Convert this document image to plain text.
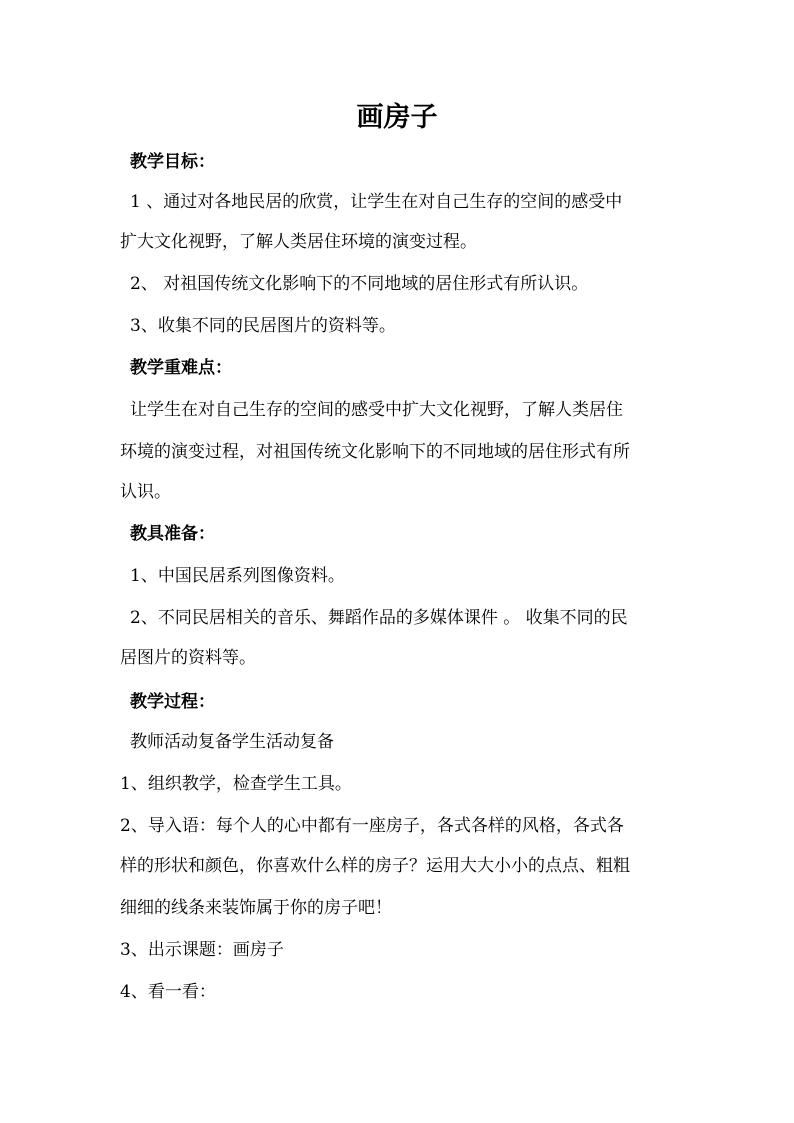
画房子

教学目标：

1 、通过对各地民居的欣赏，让学生在对自己生存的空间的感受中

扩大文化视野，了解人类居住环境的演变过程。

2、 对祖国传统文化影响下的不同地域的居住形式有所认识。

3、收集不同的民居图片的资料等。

教学重难点：

让学生在对自己生存的空间的感受中扩大文化视野，了解人类居住

环境的演变过程，对祖国传统文化影响下的不同地域的居住形式有所

认识。

教具准备：

1、中国民居系列图像资料。

2、不同民居相关的音乐、舞蹈作品的多媒体课件 。 收集不同的民

居图片的资料等。

教学过程：

教师活动复备学生活动复备

1、组织教学，检查学生工具。

2、导入语：每个人的心中都有一座房子，各式各样的风格，各式各

样的形状和颜色，你喜欢什么样的房子？运用大大小小的点点、粗粗

细细的线条来装饰属于你的房子吧！

3、出示课题：画房子

4、看一看：
